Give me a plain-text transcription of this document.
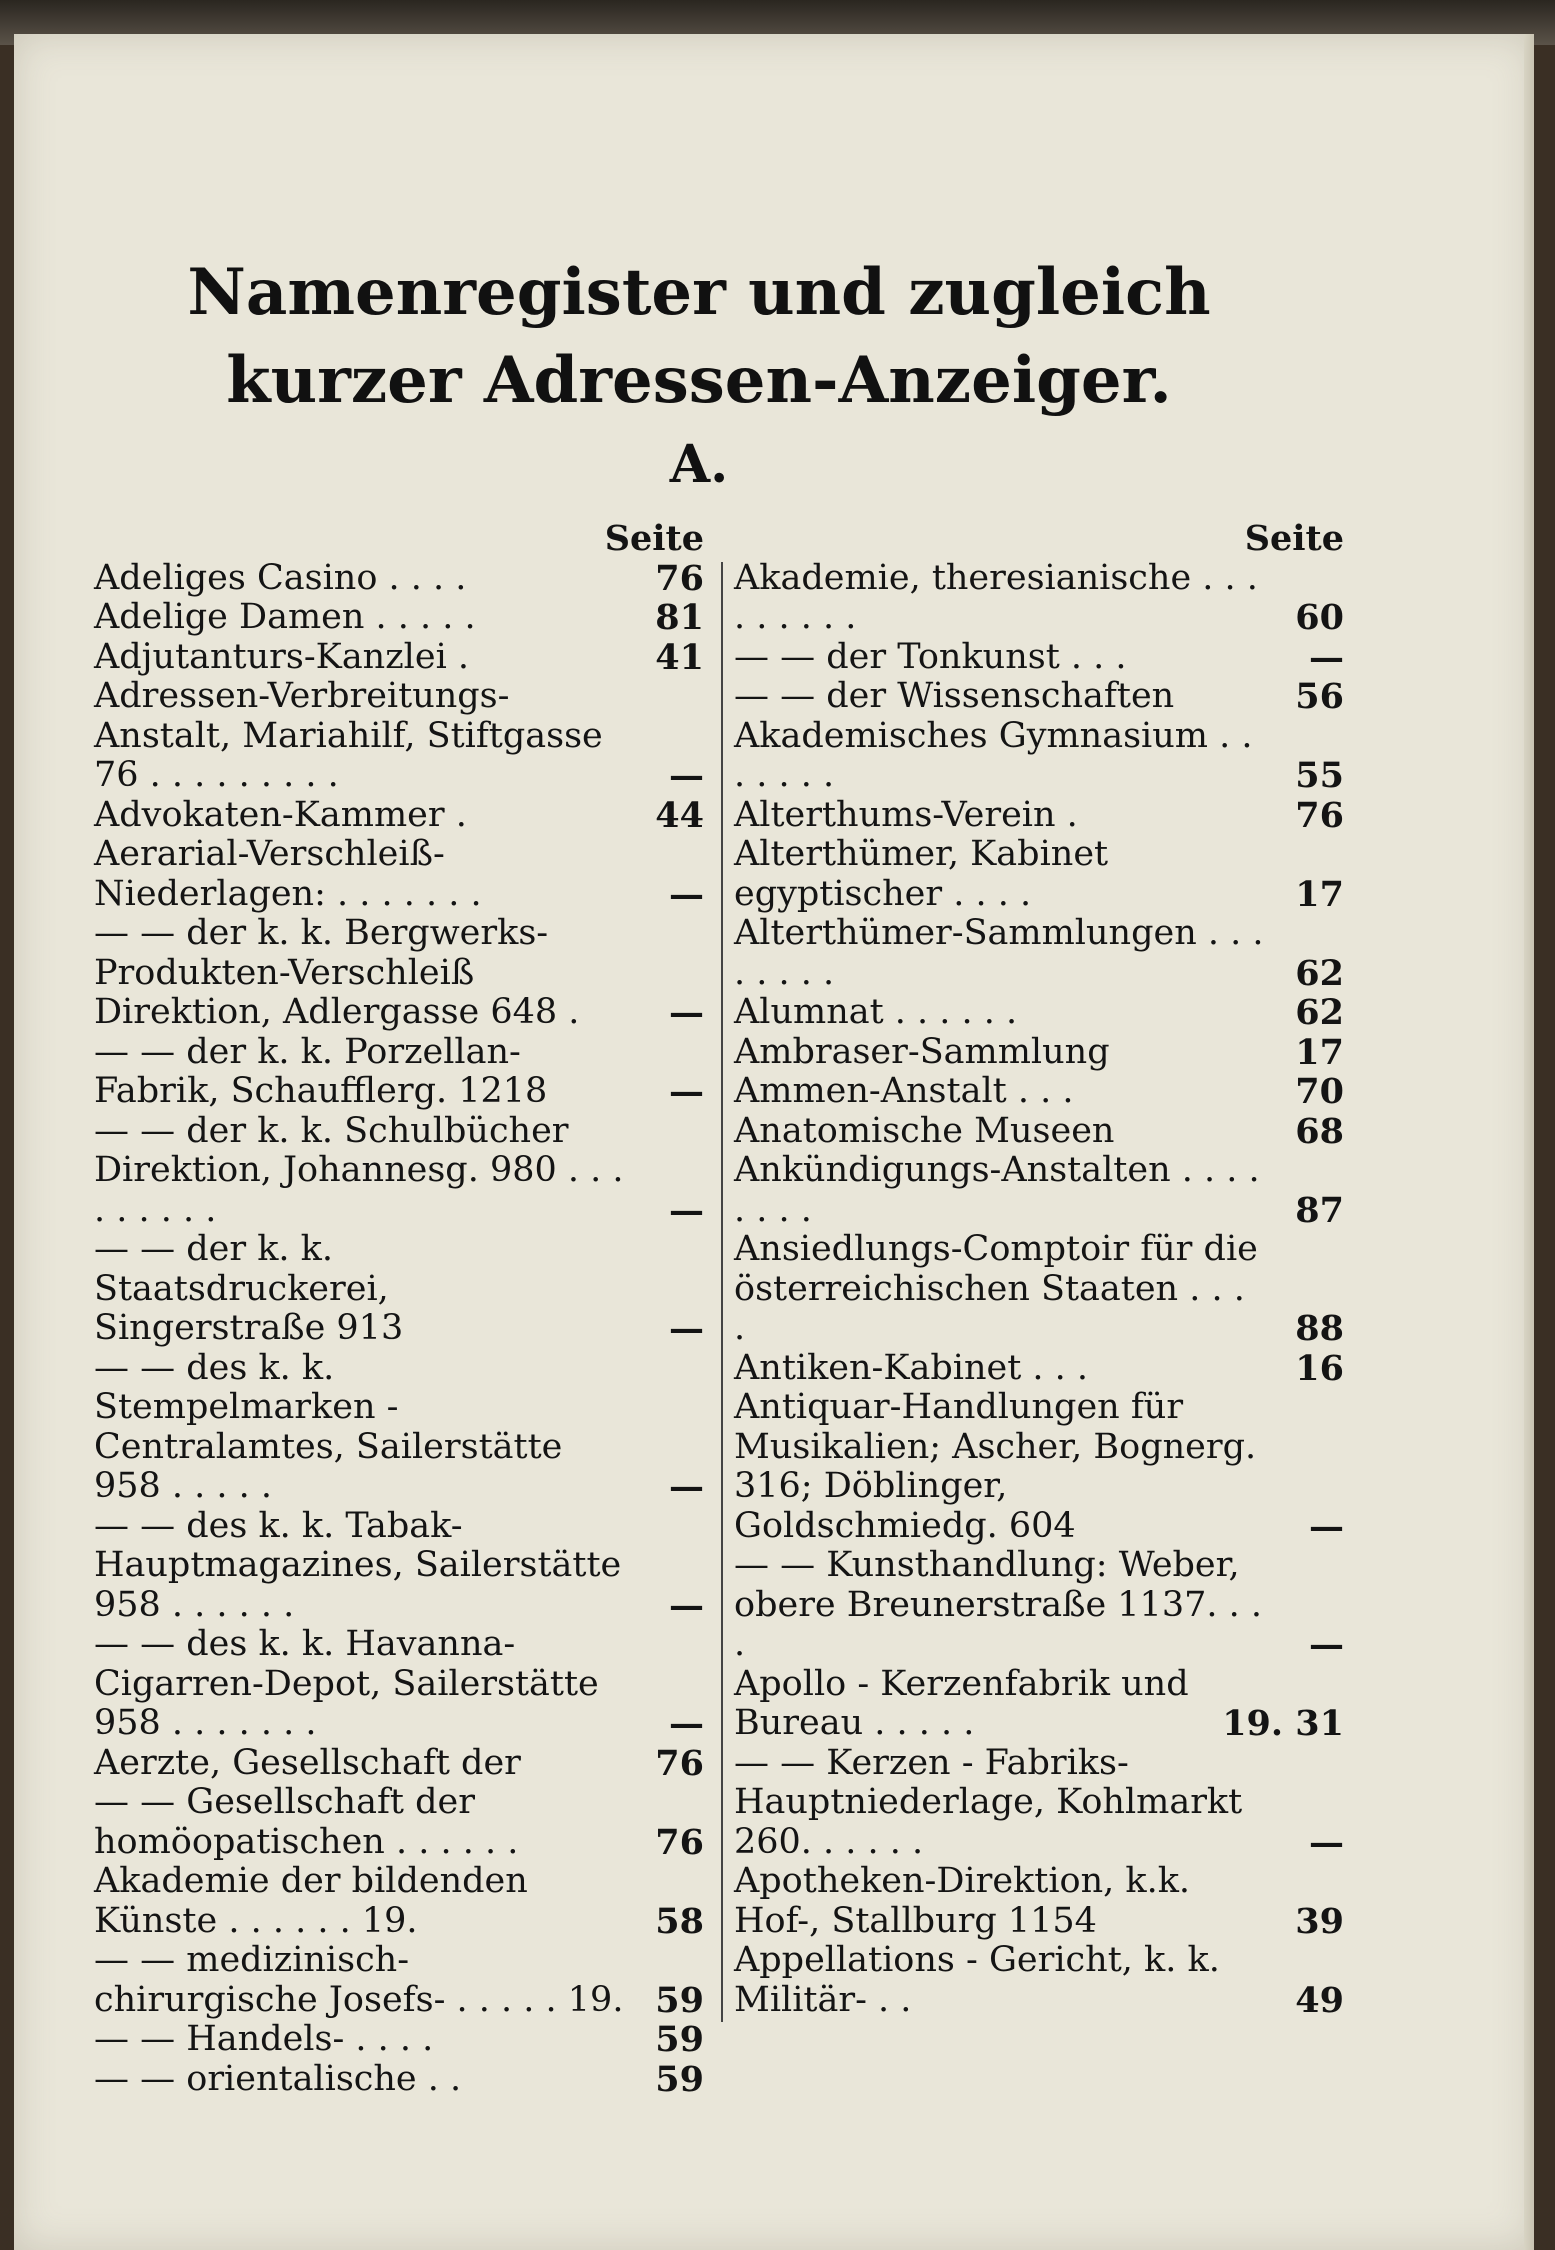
Namenregister und zugleich kurzer Adressen-Anzeiger.
A.
Seite
Adeliges Casino . . . .	76
Adelige Damen . . . . .	81
Adjutanturs-Kanzlei .	41
Adressen-Verbreitungs-Anstalt, Mariahilf, Stiftgasse 76 . . . . . . . . .	—
Advokaten-Kammer .	44
Aerarial-Verschleiß-Niederlagen: . . . . . . .	—
— — der k. k. Bergwerks-Produkten-Verschleiß Direktion, Adlergasse 648 .	—
— — der k. k. Porzellan-Fabrik, Schaufflerg. 1218	—
— — der k. k. Schulbücher Direktion, Johannesg. 980 . . . . . . . . .	—
— — der k. k. Staatsdruckerei, Singerstraße 913	—
— — des k. k. Stempelmarken - Centralamtes, Sailerstätte 958 . . . . .	—
— — des k. k. Tabak-Hauptmagazines, Sailerstätte 958 . . . . . .	—
— — des k. k. Havanna-Cigarren-Depot, Sailerstätte 958 . . . . . . .	—
Aerzte, Gesellschaft der	76
— — Gesellschaft der homöopatischen . . . . . .	76
Akademie der bildenden Künste . . . . . . 19.	58
— — medizinisch-chirurgische Josefs- . . . . . 19. 59
— — Handels- . . . .	59
— — orientalische . .	59
Seite
Akademie, theresianische . . . . . . . . .	60
— — der Tonkunst . . .	—
— — der Wissenschaften	56
Akademisches Gymnasium . . . . . . .	55
Alterthums-Verein .	76
Alterthümer, Kabinet egyptischer . . . .	17
Alterthümer-Sammlungen . . . . . . . .	62
Alumnat . . . . . .	62
Ambraser-Sammlung	17
Ammen-Anstalt . . .	70
Anatomische Museen	68
Ankündigungs-Anstalten . . . . . . . .	87
Ansiedlungs-Comptoir für die österreichischen Staaten . . . .	88
Antiken-Kabinet . . .	16
Antiquar-Handlungen für Musikalien; Ascher, Bognerg. 316; Döblinger, Goldschmiedg. 604	—
— — Kunsthandlung: Weber, obere Breunerstraße 1137. . . .	—
Apollo - Kerzenfabrik und Bureau . . . . .	19. 31
— — Kerzen - Fabriks-Hauptniederlage, Kohlmarkt 260. . . . . .	—
Apotheken-Direktion, k.k. Hof-, Stallburg 1154	39
Appellations - Gericht, k. k. Militär- . .	49
